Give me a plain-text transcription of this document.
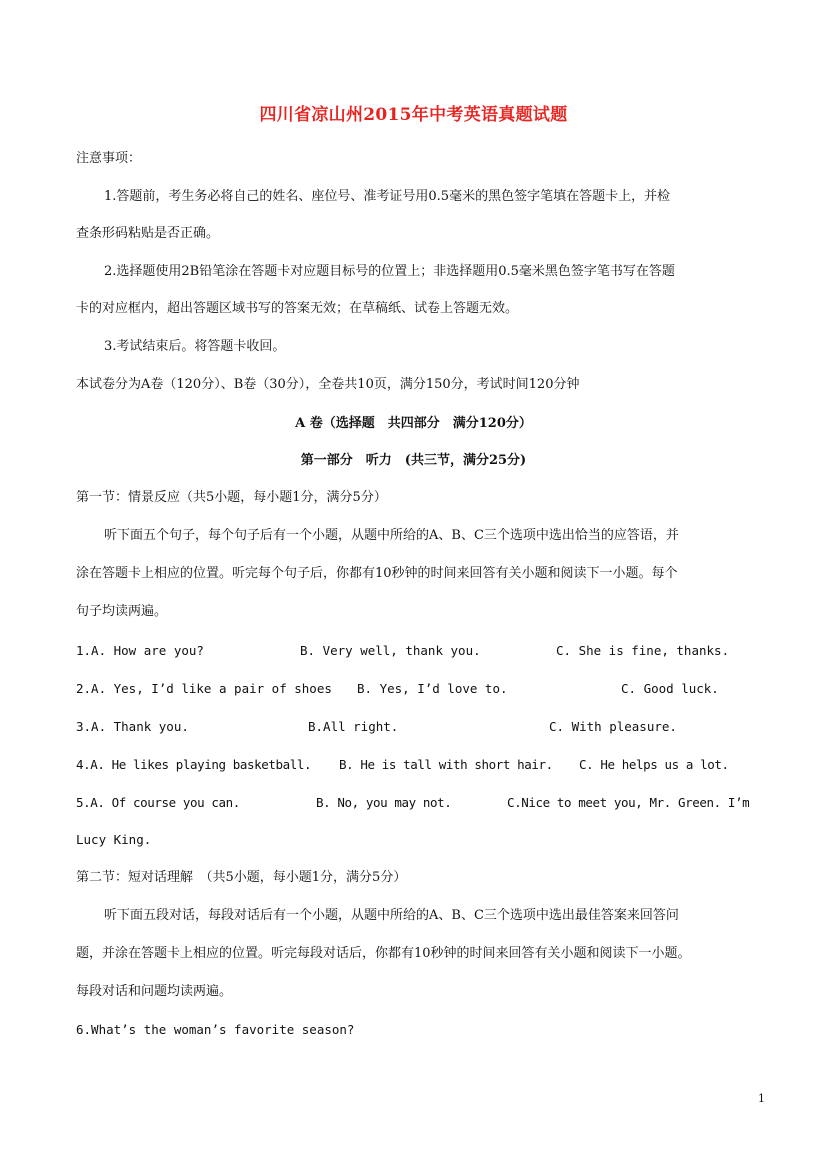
四川省凉山州2015年中考英语真题试题
注意事项：
1.答题前，考生务必将自己的姓名、座位号、准考证号用0.5毫米的黑色签字笔填在答题卡上，并检
查条形码粘贴是否正确。
2.选择题使用2B铅笔涂在答题卡对应题目标号的位置上；非选择题用0.5毫米黑色签字笔书写在答题
卡的对应框内，超出答题区域书写的答案无效；在草稿纸、试卷上答题无效。
3.考试结束后。将答题卡收回。
本试卷分为A卷（120分）、B卷（30分），全卷共10页，满分150分，考试时间120分钟
A 卷（选择题　共四部分　满分120分）
第一部分　听力　(共三节，满分25分)
第一节：情景反应（共5小题，每小题1分，满分5分）
听下面五个句子，每个句子后有一个小题，从题中所给的A、B、C三个选项中选出恰当的应答语，并
涂在答题卡上相应的位置。听完每个句子后，你都有10秒钟的时间来回答有关小题和阅读下一小题。每个
句子均读两遍。
1.A. How are you?	B. Very well, thank you.	C. She is fine, thanks.
2.A. Yes, I’d like a pair of shoes B. Yes, I’d love to.	C. Good luck.
3.A. Thank you.	B.All right.	C. With pleasure.
4.A. He likes playing basketball. B. He is tall with short hair. C. He helps us a lot.
5.A. Of course you can.	B. No, you may not.	C.Nice to meet you, Mr. Green. I’m
Lucy King.
第二节：短对话理解　（共5小题，每小题1分，满分5分）
听下面五段对话，每段对话后有一个小题，从题中所给的A、B、C三个选项中选出最佳答案来回答问
题，并涂在答题卡上相应的位置。听完每段对话后，你都有10秒钟的时间来回答有关小题和阅读下一小题。
每段对话和问题均读两遍。
6.What’s the woman’s favorite season?
1
